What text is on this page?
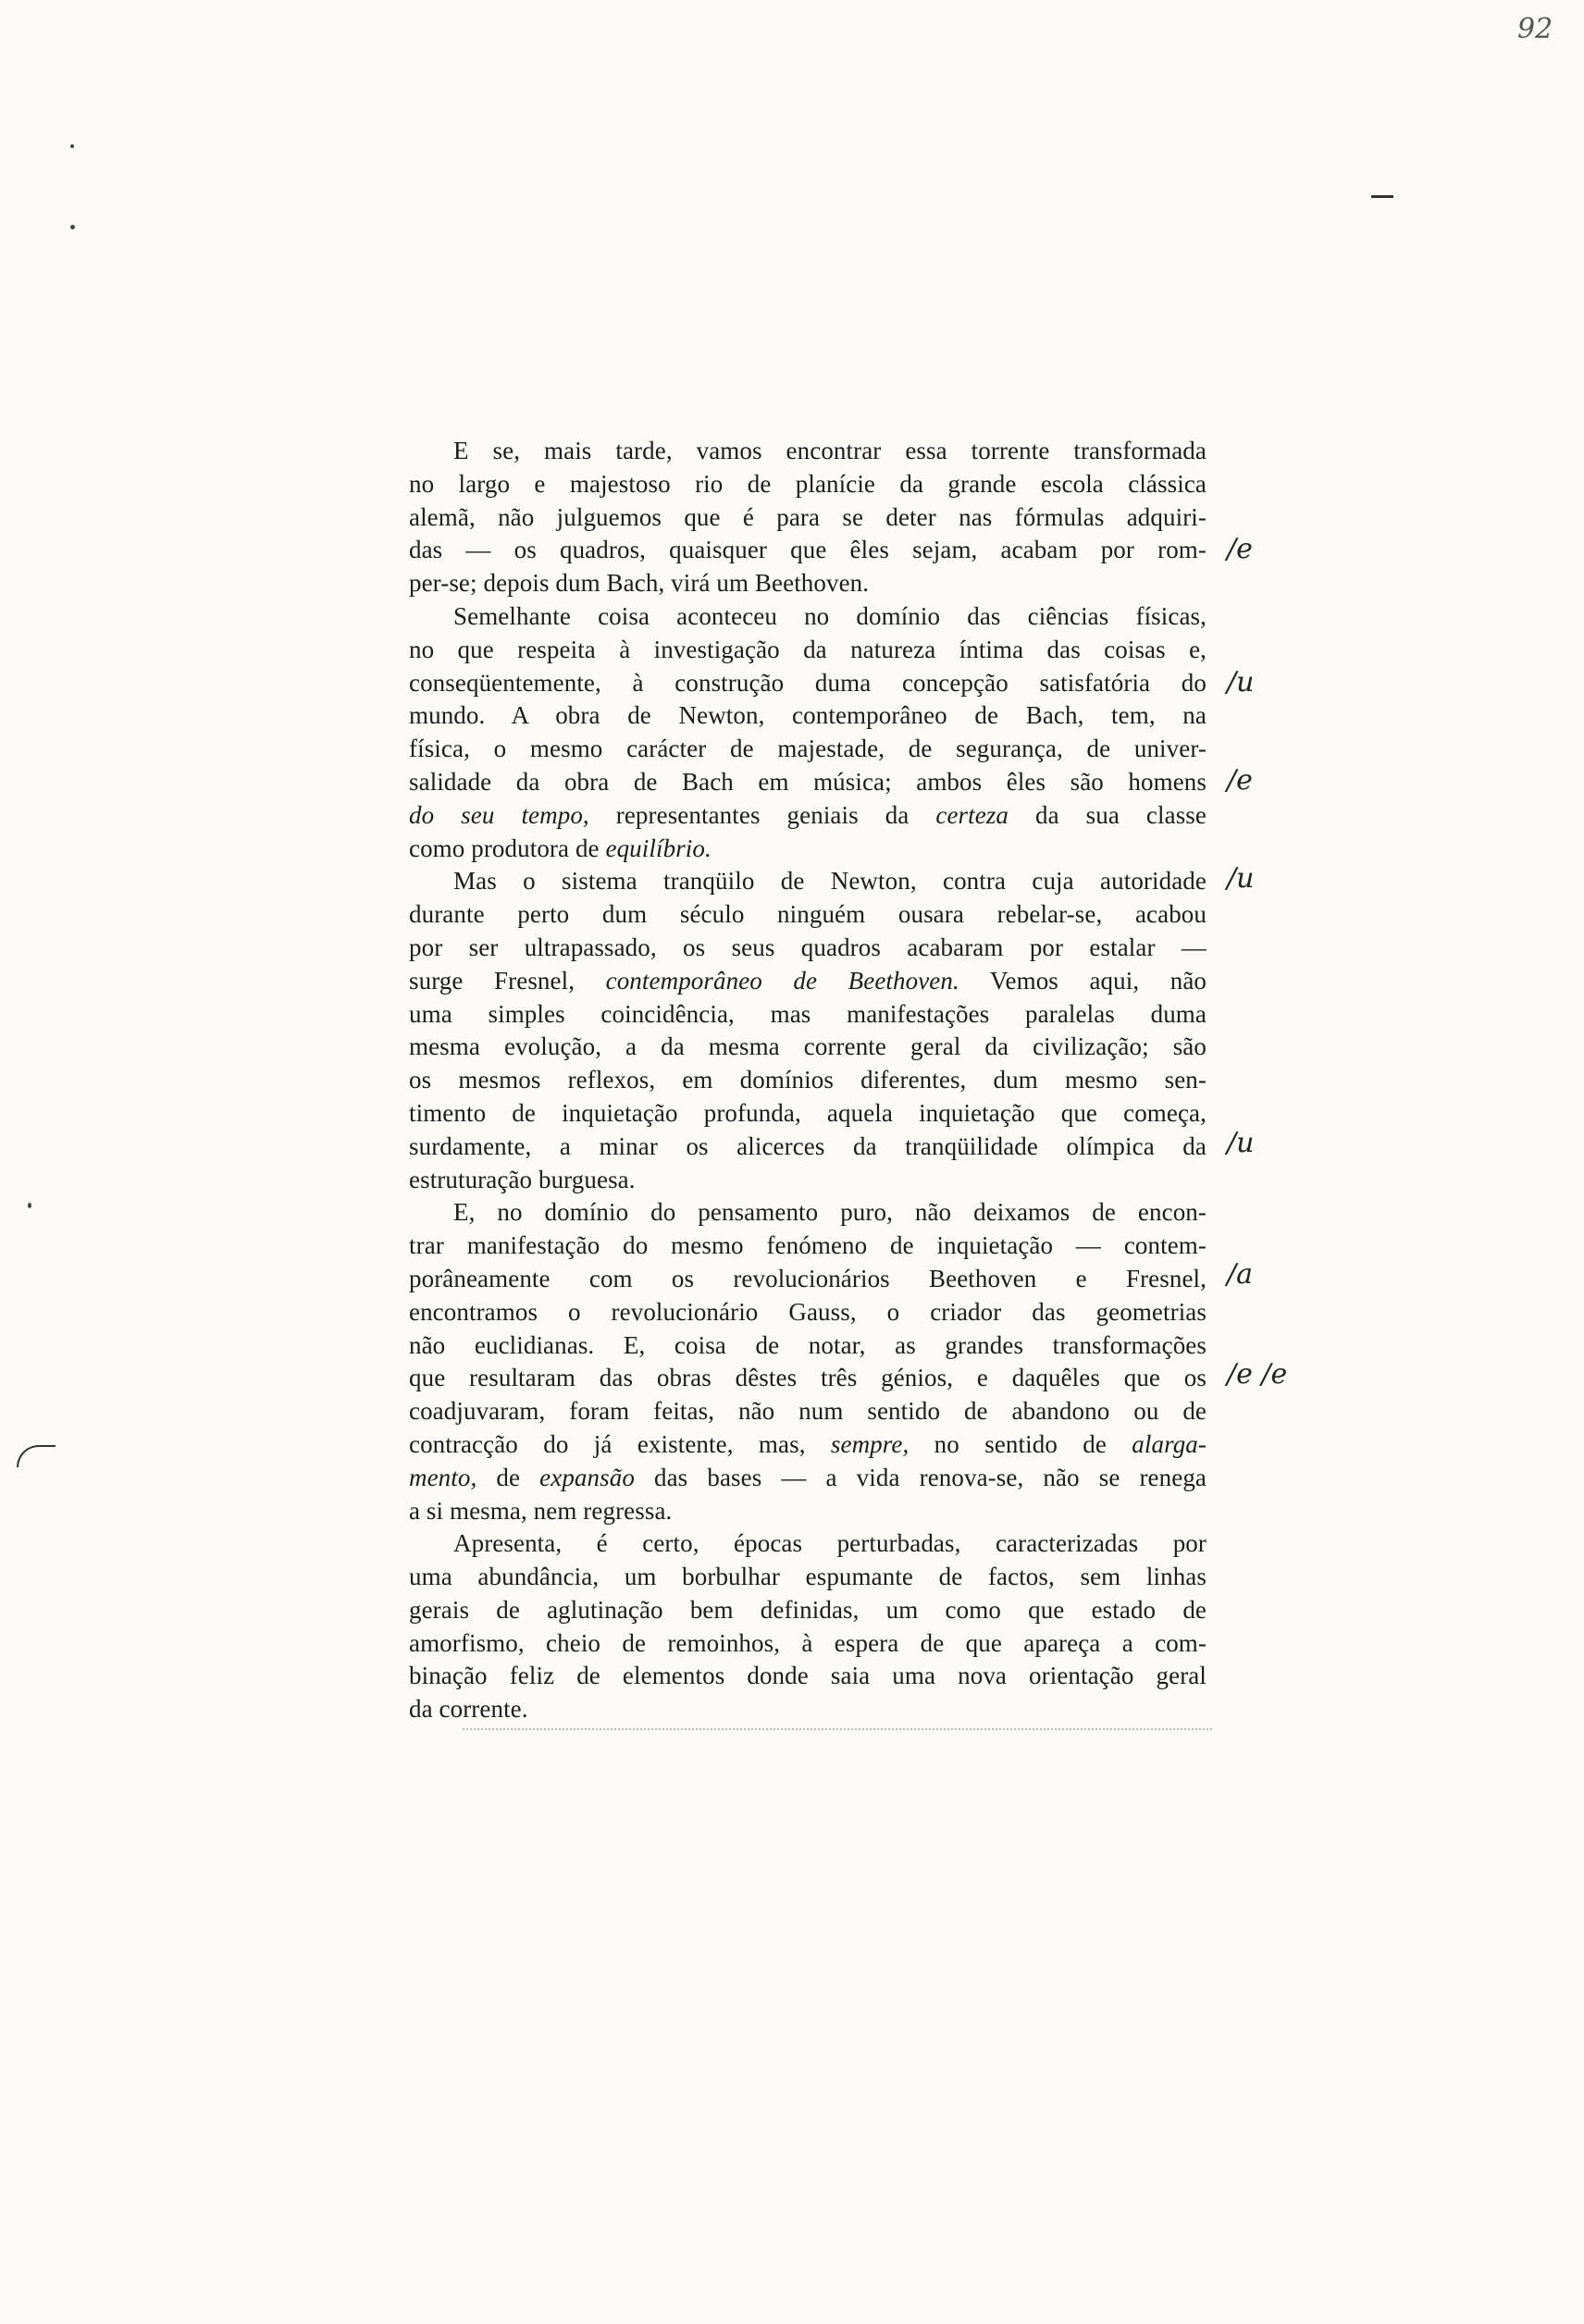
92
E se, mais tarde, vamos encontrar essa torrente transformada
no largo e majestoso rio de planície da grande escola clássica
alemã, não julguemos que é para se deter nas fórmulas adquiri-
das — os quadros, quaisquer que êles sejam, acabam por rom-
per-se; depois dum Bach, virá um Beethoven.
Semelhante coisa aconteceu no domínio das ciências físicas,
no que respeita à investigação da natureza íntima das coisas e,
conseqüentemente, à construção duma concepção satisfatória do
mundo. A obra de Newton, contemporâneo de Bach, tem, na
física, o mesmo carácter de majestade, de segurança, de univer-
salidade da obra de Bach em música; ambos êles são homens
do seu tempo, representantes geniais da certeza da sua classe
como produtora de equilíbrio.
Mas o sistema tranqüilo de Newton, contra cuja autoridade
durante perto dum século ninguém ousara rebelar-se, acabou
por ser ultrapassado, os seus quadros acabaram por estalar —
surge Fresnel, contemporâneo de Beethoven. Vemos aqui, não
uma simples coincidência, mas manifestações paralelas duma
mesma evolução, a da mesma corrente geral da civilização; são
os mesmos reflexos, em domínios diferentes, dum mesmo sen-
timento de inquietação profunda, aquela inquietação que começa,
surdamente, a minar os alicerces da tranqüilidade olímpica da
estruturação burguesa.
E, no domínio do pensamento puro, não deixamos de encon-
trar manifestação do mesmo fenómeno de inquietação — contem-
porâneamente com os revolucionários Beethoven e Fresnel,
encontramos o revolucionário Gauss, o criador das geometrias
não euclidianas. E, coisa de notar, as grandes transformações
que resultaram das obras dêstes três génios, e daquêles que os
coadjuvaram, foram feitas, não num sentido de abandono ou de
contracção do já existente, mas, sempre, no sentido de alarga-
mento, de expansão das bases — a vida renova-se, não se renega
a si mesma, nem regressa.
Apresenta, é certo, épocas perturbadas, caracterizadas por
uma abundância, um borbulhar espumante de factos, sem linhas
gerais de aglutinação bem definidas, um como que estado de
amorfismo, cheio de remoinhos, à espera de que apareça a com-
binação feliz de elementos donde saia uma nova orientação geral
da corrente.
/e
/u
/e
/u
/u
/a
/e /e
